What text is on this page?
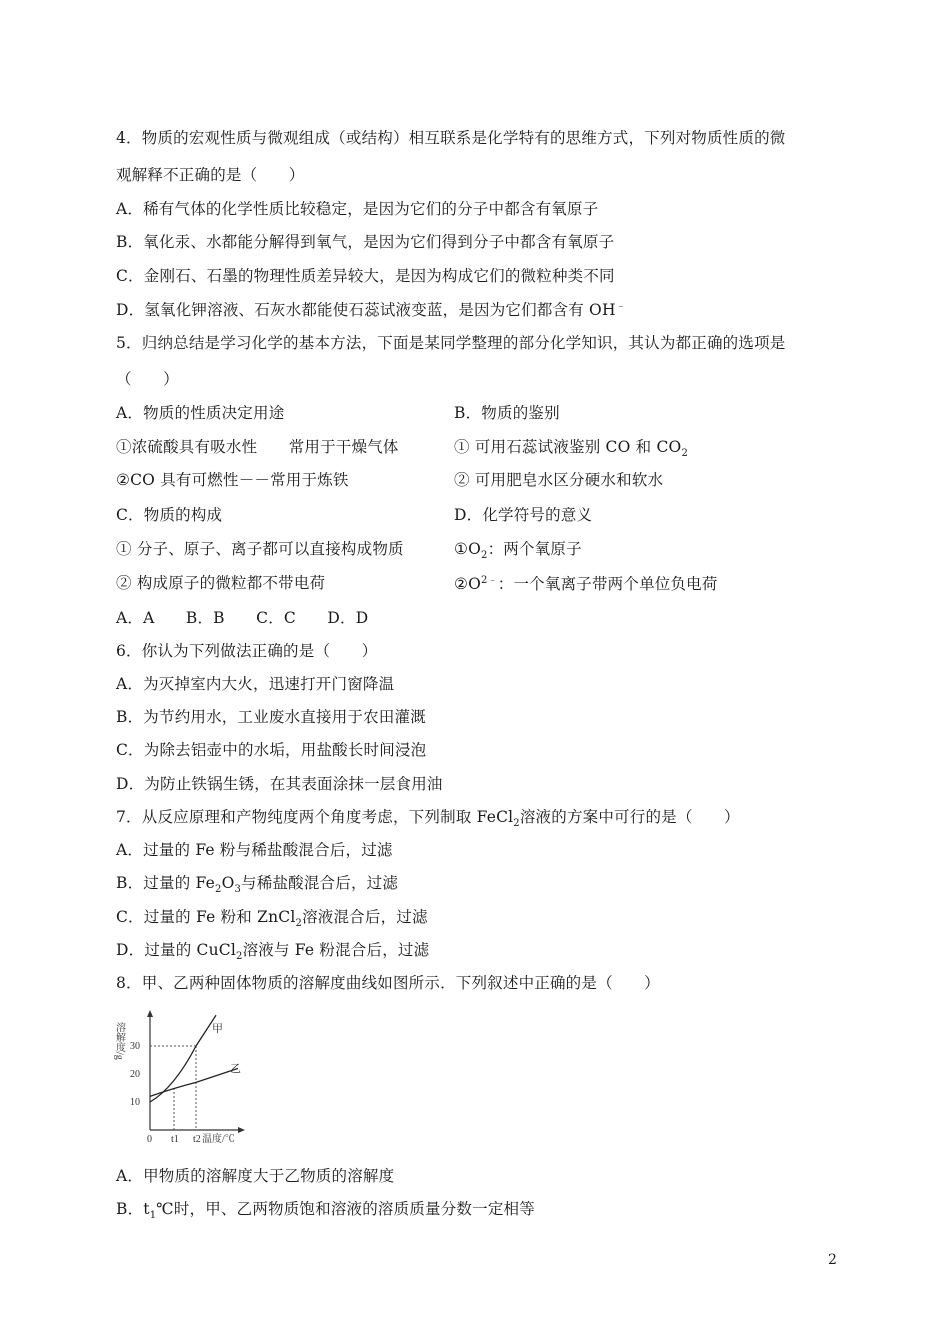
4．物质的宏观性质与微观组成（或结构）相互联系是化学特有的思维方式，下列对物质性质的微
观解释不正确的是（　　）
A．稀有气体的化学性质比较稳定，是因为它们的分子中都含有氧原子
B．氧化汞、水都能分解得到氧气，是因为它们得到分子中都含有氧原子
C．金刚石、石墨的物理性质差异较大，是因为构成它们的微粒种类不同
D．氢氧化钾溶液、石灰水都能使石蕊试液变蓝，是因为它们都含有 OH﹣
5．归纳总结是学习化学的基本方法，下面是某同学整理的部分化学知识，其认为都正确的选项是
（　　）
A．物质的性质决定用途	B．物质的鉴别
①浓硫酸具有吸水性　　常用于干燥气体	① 可用石蕊试液鉴别 CO 和 $CO_2$
②CO 具有可燃性－－常用于炼铁	② 可用肥皂水区分硬水和软水
C．物质的构成	D．化学符号的意义
① 分子、原子、离子都可以直接构成物质	$①O_2$：两个氧原子
② 构成原子的微粒都不带电荷	$②O^{2﹣}$：一个氧离子带两个单位负电荷
A．A　　B．B　　C．C　　D．D
6．你认为下列做法正确的是（　　）
A．为灭掉室内大火，迅速打开门窗降温
B．为节约用水，工业废水直接用于农田灌溉
C．为除去铝壶中的水垢，用盐酸长时间浸泡
D．为防止铁锅生锈，在其表面涂抹一层食用油
7．从反应原理和产物纯度两个角度考虑，下列制取 FeCl$_2$溶液的方案中可行的是（　　）
A．过量的 Fe 粉与稀盐酸混合后，过滤
B．过量的 $Fe_2O_3$与稀盐酸混合后，过滤
C．过量的 Fe 粉和 ZnCl$_2$溶液混合后，过滤
D．过量的 CuCl$_2$溶液与 Fe 粉混合后，过滤
8．甲、乙两种固体物质的溶解度曲线如图所示．下列叙述中正确的是（　　）
10
20
30
0 t1 t2
甲
乙
溶解度/g
温度/℃
A．甲物质的溶解度大于乙物质的溶解度
B．$t_1℃$时，甲、乙两物质饱和溶液的溶质质量分数一定相等
2
